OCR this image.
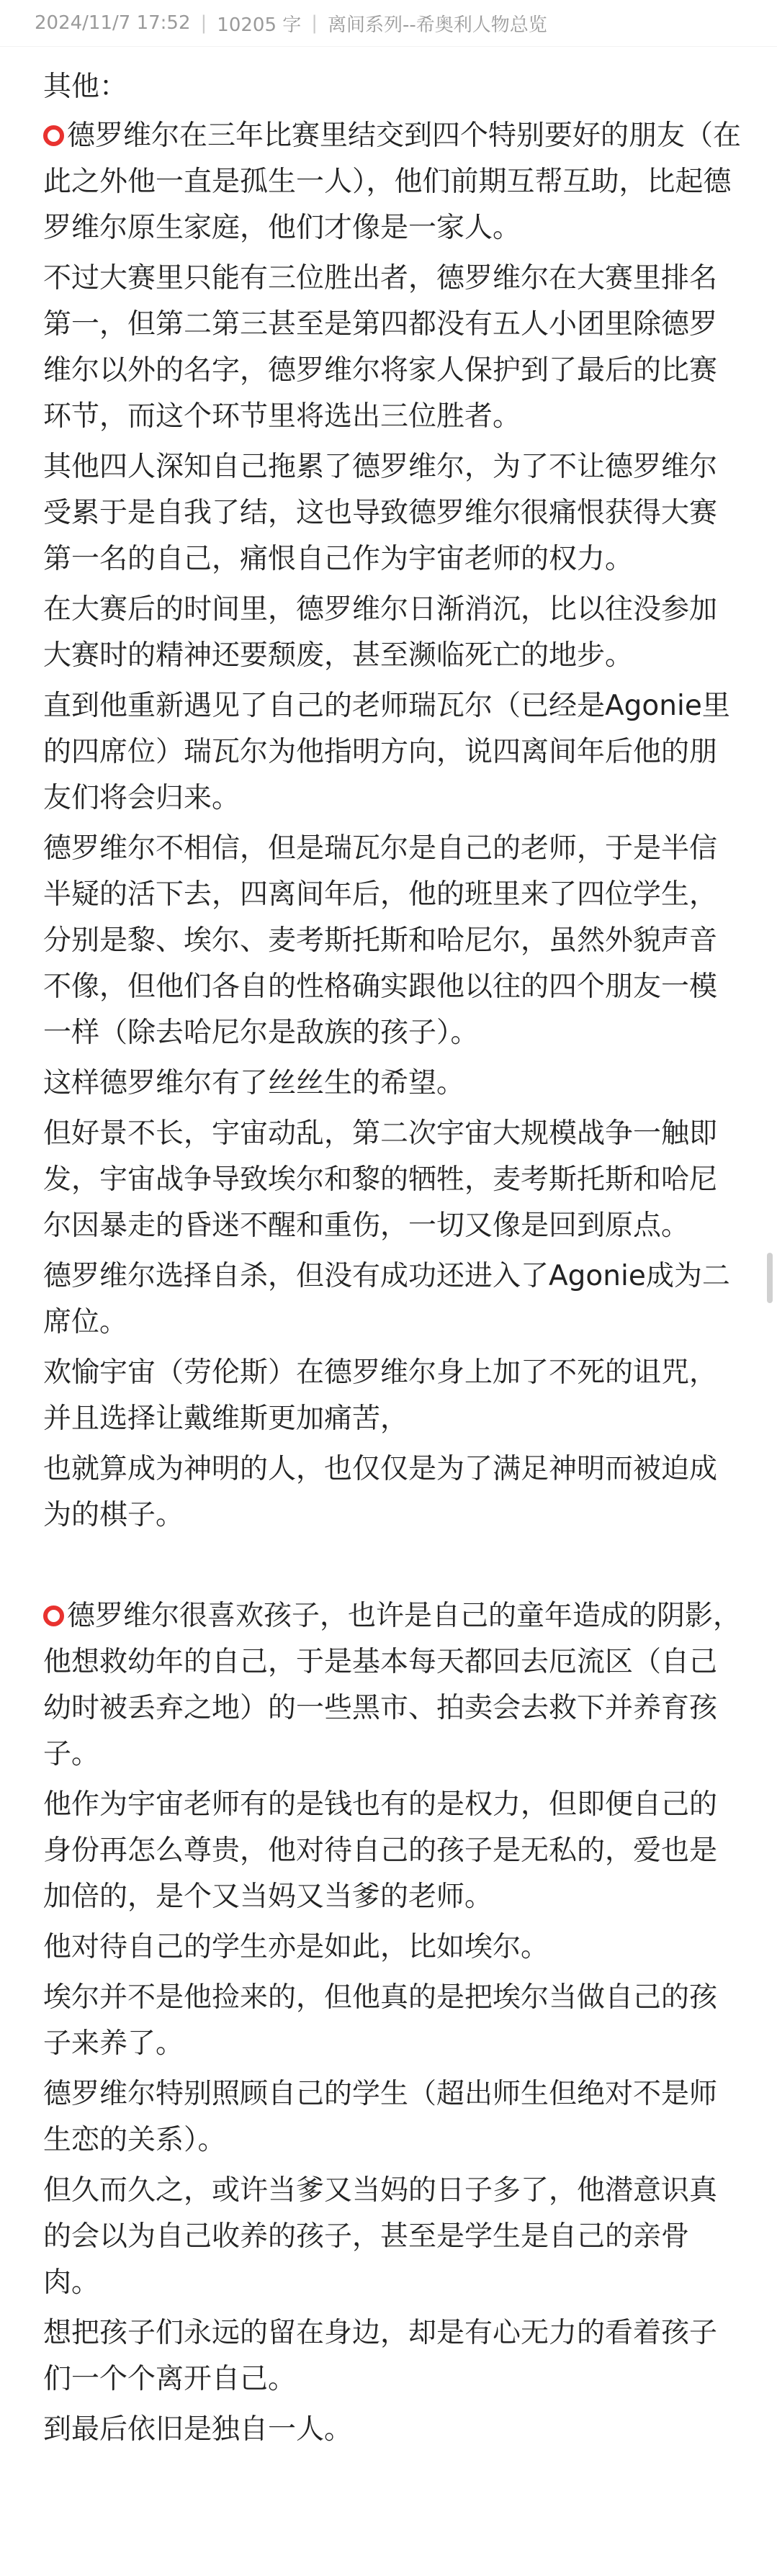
2024/11/7 17:52 | 10205 字 | 离间系列--希奥利人物总览

其他：

德罗维尔在三年比赛里结交到四个特别要好的朋友（在此之外他一直是孤生一人），他们前期互帮互助，比起德罗维尔原生家庭，他们才像是一家人。

不过大赛里只能有三位胜出者，德罗维尔在大赛里排名第一，但第二第三甚至是第四都没有五人小团里除德罗维尔以外的名字，德罗维尔将家人保护到了最后的比赛环节，而这个环节里将选出三位胜者。

其他四人深知自己拖累了德罗维尔，为了不让德罗维尔受累于是自我了结，这也导致德罗维尔很痛恨获得大赛第一名的自己，痛恨自己作为宇宙老师的权力。

在大赛后的时间里，德罗维尔日渐消沉，比以往没参加大赛时的精神还要颓废，甚至濒临死亡的地步。

直到他重新遇见了自己的老师瑞瓦尔（已经是Agonie里的四席位）瑞瓦尔为他指明方向，说四离间年后他的朋友们将会归来。

德罗维尔不相信，但是瑞瓦尔是自己的老师，于是半信半疑的活下去，四离间年后，他的班里来了四位学生，分别是黎、埃尔、麦考斯托斯和哈尼尔，虽然外貌声音不像，但他们各自的性格确实跟他以往的四个朋友一模一样（除去哈尼尔是敌族的孩子）。

这样德罗维尔有了丝丝生的希望。

但好景不长，宇宙动乱，第二次宇宙大规模战争一触即发，宇宙战争导致埃尔和黎的牺牲，麦考斯托斯和哈尼尔因暴走的昏迷不醒和重伤，一切又像是回到原点。

德罗维尔选择自杀，但没有成功还进入了Agonie成为二席位。

欢愉宇宙（劳伦斯）在德罗维尔身上加了不死的诅咒，并且选择让戴维斯更加痛苦，

也就算成为神明的人，也仅仅是为了满足神明而被迫成为的棋子。

德罗维尔很喜欢孩子，也许是自己的童年造成的阴影，他想救幼年的自己，于是基本每天都回去厄流区（自己幼时被丢弃之地）的一些黑市、拍卖会去救下并养育孩子。

他作为宇宙老师有的是钱也有的是权力，但即便自己的身份再怎么尊贵，他对待自己的孩子是无私的，爱也是加倍的，是个又当妈又当爹的老师。

他对待自己的学生亦是如此，比如埃尔。

埃尔并不是他捡来的，但他真的是把埃尔当做自己的孩子来养了。

德罗维尔特别照顾自己的学生（超出师生但绝对不是师生恋的关系）。

但久而久之，或许当爹又当妈的日子多了，他潜意识真的会以为自己收养的孩子，甚至是学生是自己的亲骨肉。

想把孩子们永远的留在身边，却是有心无力的看着孩子们一个个离开自己。

到最后依旧是独自一人。
